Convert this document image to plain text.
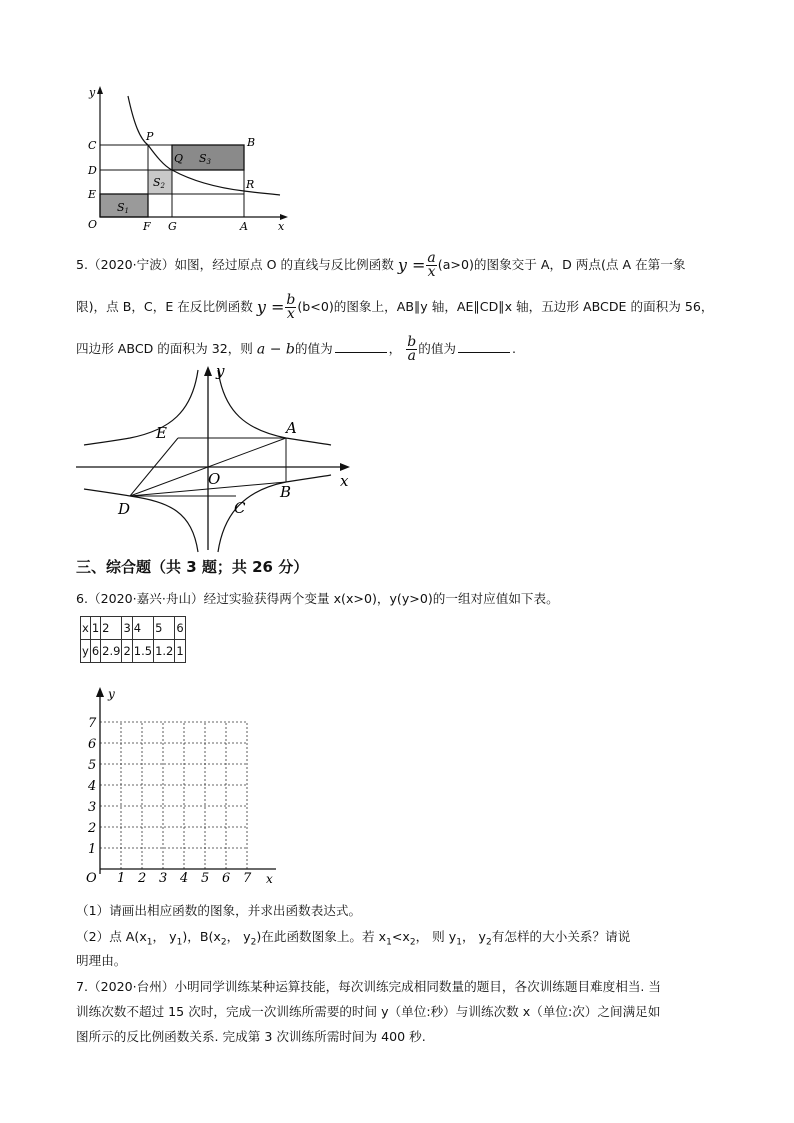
y
C
D
E
O
P
Q
B
R
F G	A	x
S1
S2
S3
5.（2020·宁波）如图，经过原点 O 的直线与反比例函数 $y = \frac{a}{x} (a>0)$的图象交于 A，D 两点(点 A 在第一象
限)，点 B，C，E 在反比例函数 $y = \frac{b}{x} (b<0)$的图象上，AB∥y 轴，AE∥CD∥x 轴，五边形 ABCDE 的面积为 56，
四边形 ABCD 的面积为 32，则 a − b的值为	， $\frac{b}{a}$ 的值为	.
y
x
O
A
B
C
D
E
三、综合题（共 3 题；共 26 分）
6.（2020·嘉兴·舟山）经过实验获得两个变量 x(x>0)，y(y>0)的一组对应值如下表。
x	1	2	3	4	5	6
y	6	2.9	2	1.5	1.2	1
y
O	x
1
2
3
4
5
6
7
1 2 3 4 5 6 7
（1）请画出相应函数的图象，并求出函数表达式。
（2）点 $A(x_1$， $y_1$)，$B(x_2$， $y_2$)在此函数图象上。若 $x_1<x_2$， 则 $y_1$， $y_2$有怎样的大小关系？请说
明理由。
7.（2020·台州）小明同学训练某种运算技能，每次训练完成相同数量的题目，各次训练题目难度相当. 当
训练次数不超过 15 次时，完成一次训练所需要的时间 y（单位:秒）与训练次数 x（单位:次）之间满足如
图所示的反比例函数关系. 完成第 3 次训练所需时间为 400 秒.
